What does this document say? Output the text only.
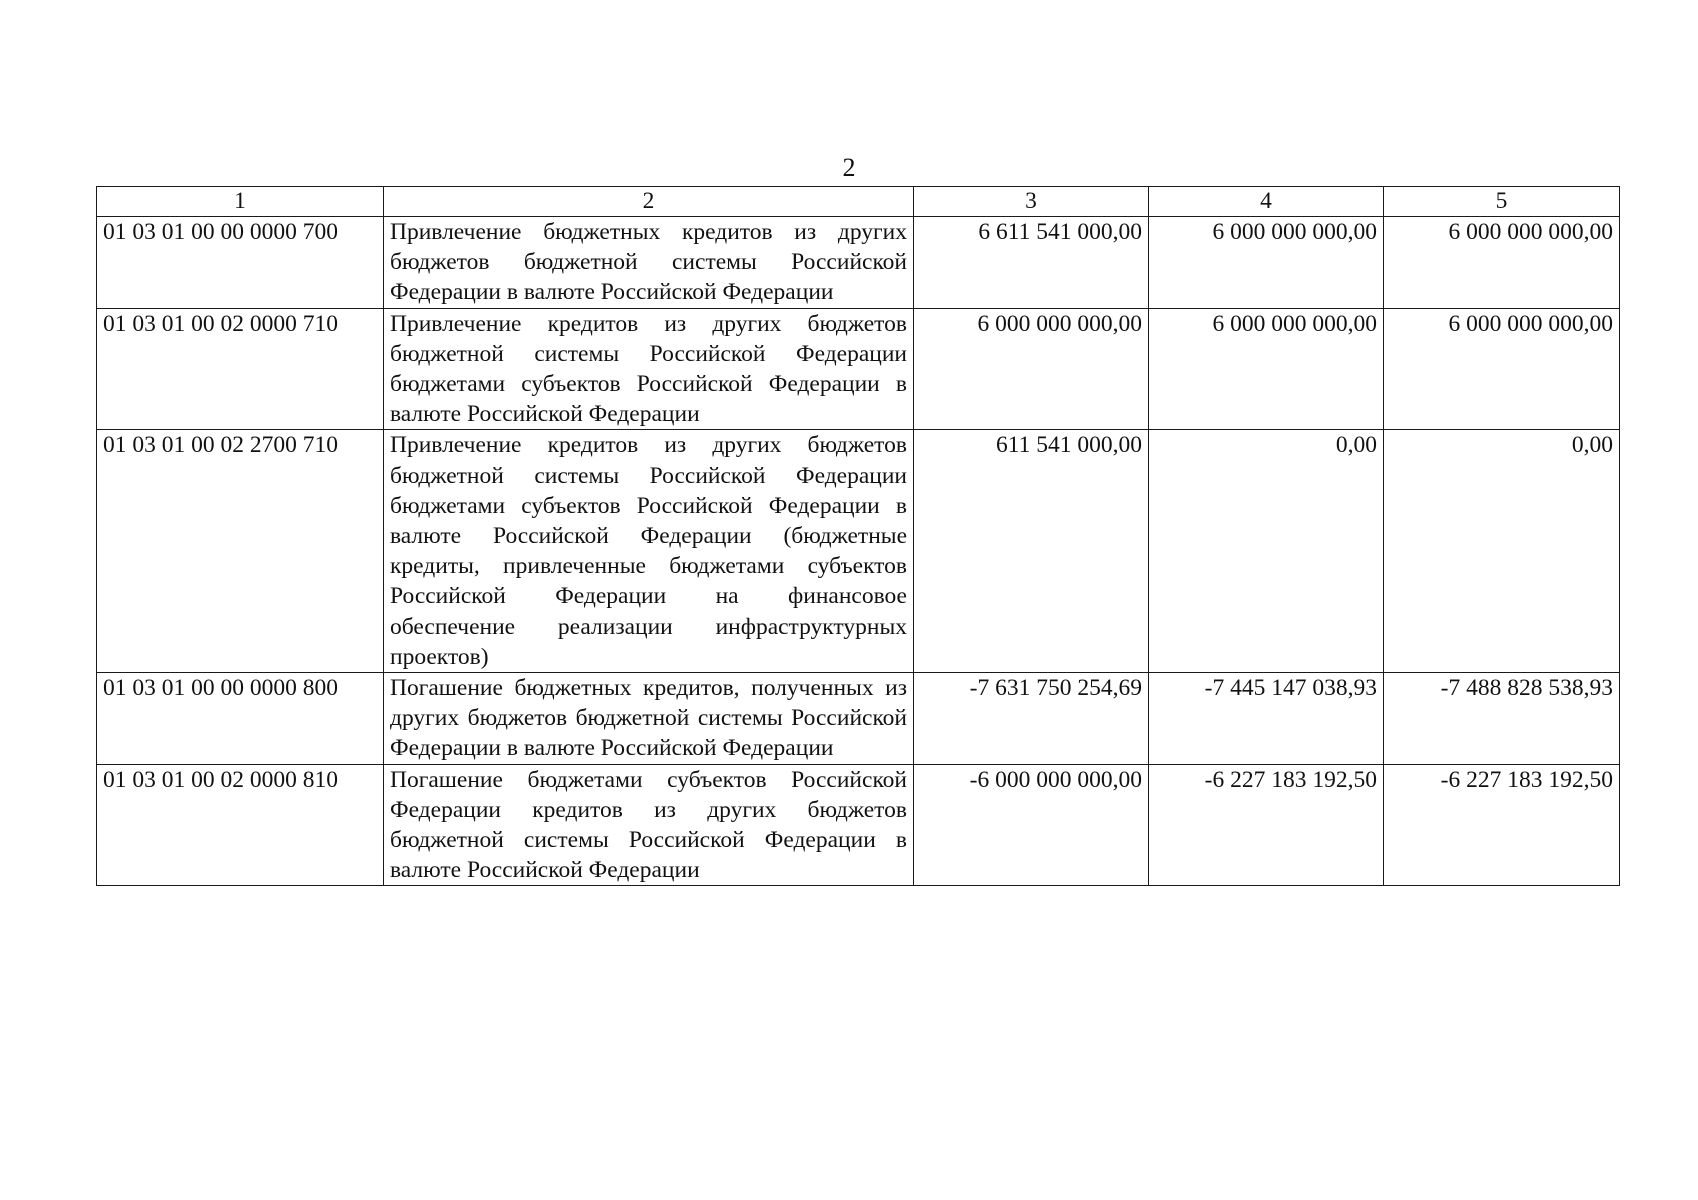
2
1	2	3	4	5
01 03 01 00 00 0000 700	Привлечение бюджетных кредитов из других бюджетов бюджетной системы Российской Федерации в валюте Российской Федерации	6 611 541 000,00	6 000 000 000,00	6 000 000 000,00
01 03 01 00 02 0000 710	Привлечение кредитов из других бюджетов бюджетной системы Российской Федерации бюджетами субъектов Российской Федерации в валюте Российской Федерации	6 000 000 000,00	6 000 000 000,00	6 000 000 000,00
01 03 01 00 02 2700 710	Привлечение кредитов из других бюджетов бюджетной системы Российской Федерации бюджетами субъектов Российской Федерации в валюте Российской Федерации (бюджетные кредиты, привлеченные бюджетами субъектов Российской Федерации на финансовое обеспечение реализации инфраструктурных проектов)	611 541 000,00	0,00	0,00
01 03 01 00 00 0000 800	Погашение бюджетных кредитов, полученных из других бюджетов бюджетной системы Российской Федерации в валюте Российской Федерации	-7 631 750 254,69	-7 445 147 038,93	-7 488 828 538,93
01 03 01 00 02 0000 810	Погашение бюджетами субъектов Российской Федерации кредитов из других бюджетов бюджетной системы Российской Федерации в валюте Российской Федерации	-6 000 000 000,00	-6 227 183 192,50	-6 227 183 192,50
